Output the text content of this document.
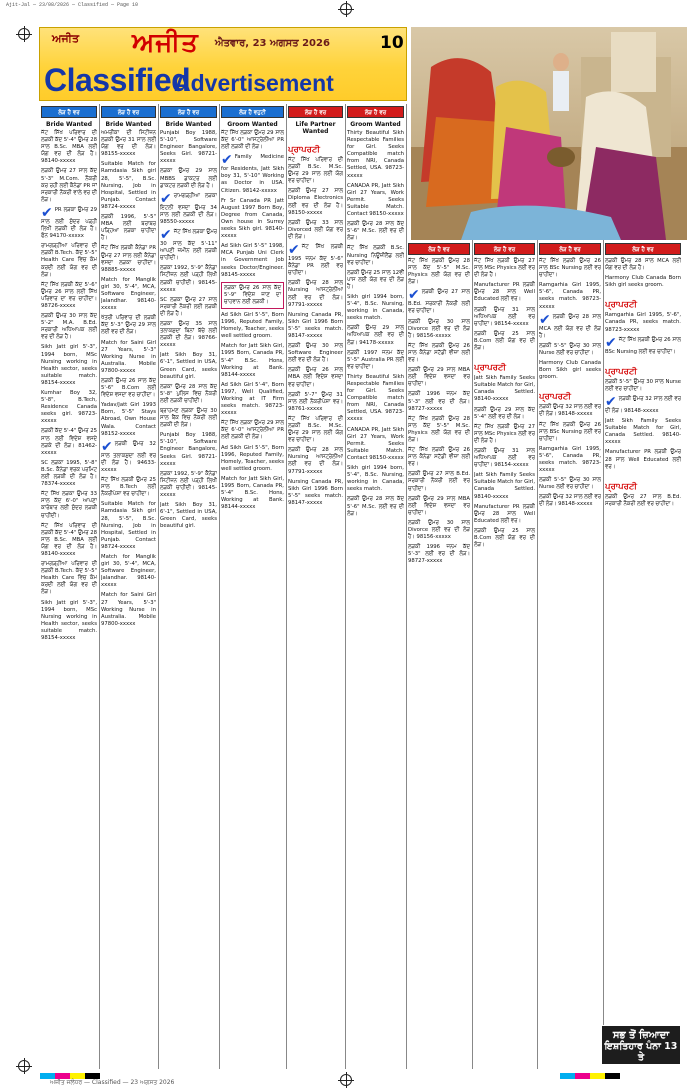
Ajit-Jal — 23/08/2026 — Classified — Page 10
ਅਜੀਤ ਅਜੀਤ ਐਤਵਾਰ, 23 ਅਗਸਤ 2026	10
Classified
Advertisement
ਲੋੜ ਹੈ ਵਰ
Bride Wanted
ਜੱਟ ਸਿੱਖ ਪਰਿਵਾਰ ਦੀ ਲੜਕੀ ਕੱਦ 5'-4" ਉਮਰ 28 ਸਾਲ B.Sc. MBA ਲਈ ਯੋਗ ਵਰ ਦੀ ਲੋੜ ਹੈ। 98140-xxxxx
ਲੜਕੀ ਉਮਰ 27 ਸਾਲ ਕੱਦ 5'-3" M.Com. ਨੌਕਰੀ ਕਰ ਰਹੀ ਲਈ ਕੈਨੇਡਾ PR ਜਾਂ ਸਰਕਾਰੀ ਨੌਕਰੀ ਵਾਲੇ ਵਰ ਦੀ ਲੋੜ।
✔ PR ਲੜਕਾ ਉਮਰ 29 ਸਾਲ ਲਈ ਸੁੰਦਰ ਪੜ੍ਹੀ ਲਿਖੀ ਲੜਕੀ ਦੀ ਲੋੜ ਹੈ। ਫੋਨ 94170-xxxxx
ਰਾਮਗੜ੍ਹੀਆ ਪਰਿਵਾਰ ਦੀ ਲੜਕੀ B.Tech. ਕੱਦ 5'-5" Health Care ਵਿਚ ਕੰਮ ਕਰਦੀ ਲਈ ਯੋਗ ਵਰ ਦੀ ਲੋੜ।
ਜੱਟ ਸਿੱਖ ਲੜਕੀ ਕੱਦ 5'-6" ਉਮਰ 26 ਸਾਲ ਲਈ ਸਿੱਖ ਪਰਿਵਾਰ ਦਾ ਵਰ ਚਾਹੀਦਾ। 98726-xxxxx
ਲੜਕੀ ਉਮਰ 30 ਸਾਲ ਕੱਦ 5'-2" M.A. B.Ed. ਸਰਕਾਰੀ ਅਧਿਆਪਕ ਲਈ ਵਰ ਦੀ ਲੋੜ ਹੈ।
Sikh Jatt girl 5'-3", 1994 born, MSc Nursing working in Health sector, seeks suitable match. 98154-xxxxx
Kumhar Boy 32, 5'-8", B.Tech, Residence Canada seeks girl. 98723-xxxxx
ਲੜਕੀ ਕੱਦ 5'-4" ਉਮਰ 25 ਸਾਲ ਲਈ ਵਿਦੇਸ਼ ਵਸਦੇ ਲੜਕੇ ਦੀ ਲੋੜ। 81462-xxxxx
SC ਲੜਕਾ 1995, 5'-8" B.Sc. ਕੈਨੇਡਾ ਵਰਕ ਪਰਮਿਟ ਲਈ ਲੜਕੀ ਦੀ ਲੋੜ ਹੈ। 78374-xxxxx
ਜੱਟ ਸਿੱਖ ਲੜਕਾ ਉਮਰ 33 ਸਾਲ ਕੱਦ 6'-0" ਆਪਣਾ ਕਾਰੋਬਾਰ ਲਈ ਸੁੰਦਰ ਲੜਕੀ ਚਾਹੀਦੀ।
ਜੱਟ ਸਿੱਖ ਪਰਿਵਾਰ ਦੀ ਲੜਕੀ ਕੱਦ 5'-4" ਉਮਰ 28 ਸਾਲ B.Sc. MBA ਲਈ ਯੋਗ ਵਰ ਦੀ ਲੋੜ ਹੈ। 98140-xxxxx
ਰਾਮਗੜ੍ਹੀਆ ਪਰਿਵਾਰ ਦੀ ਲੜਕੀ B.Tech. ਕੱਦ 5'-5" Health Care ਵਿਚ ਕੰਮ ਕਰਦੀ ਲਈ ਯੋਗ ਵਰ ਦੀ ਲੋੜ।
Sikh Jatt girl 5'-3", 1994 born, MSc Nursing working in Health sector, seeks suitable match. 98154-xxxxx
ਲੋੜ ਹੈ ਵਰ
Bride Wanted
ਅਮਰੀਕਾ ਦੀ ਸਿਟੀਜ਼ਨ ਲੜਕੀ ਉਮਰ 31 ਸਾਲ ਲਈ ਯੋਗ ਵਰ ਦੀ ਲੋੜ। 98155-xxxxx
Suitable Match for Ramdasia Sikh girl 28, 5'-5", B.Sc. Nursing, Job in Hospital, Settled in Punjab. Contact 98724-xxxxx
ਲੜਕੀ 1996, 5'-5" MBA ਲਈ ਬਰਾਬਰ ਪੜ੍ਹਿਆ ਲੜਕਾ ਚਾਹੀਦਾ ਹੈ।
ਜੱਟ ਸਿੱਖ ਲੜਕੀ ਕੈਨੇਡਾ PR ਉਮਰ 27 ਸਾਲ ਲਈ ਕੈਨੇਡਾ ਵਸਦਾ ਲੜਕਾ ਚਾਹੀਦਾ। 98885-xxxxx
Match for Manglik girl 30, 5'-4", MCA, Software Engineer, Jalandhar. 98140-xxxxx
ਖੱਤਰੀ ਪਰਿਵਾਰ ਦੀ ਲੜਕੀ ਕੱਦ 5'-3" ਉਮਰ 29 ਸਾਲ ਲਈ ਵਰ ਦੀ ਲੋੜ।
Match for Saini Girl 27 Years, 5'-3" Working Nurse in Australia. Mobile 97800-xxxxx
ਲੜਕੀ ਉਮਰ 26 ਸਾਲ ਕੱਦ 5'-6" B.Com ਲਈ ਵਿਦੇਸ਼ ਵਸਦਾ ਵਰ ਚਾਹੀਦਾ।
Yadav/Jatt Girl 1993 Born, 5'-5" Stays Abroad, Own House Wala. Contact 98152-xxxxx
✔ ਲੜਕੀ ਉਮਰ 32 ਸਾਲ ਤਲਾਕਸ਼ੁਦਾ ਲਈ ਵਰ ਦੀ ਲੋੜ ਹੈ। 94633-xxxxx
ਜੱਟ ਸਿੱਖ ਲੜਕੀ ਉਮਰ 25 ਸਾਲ B.Tech ਲਈ ਨੌਕਰੀਪੇਸ਼ਾ ਵਰ ਚਾਹੀਦਾ।
Suitable Match for Ramdasia Sikh girl 28, 5'-5", B.Sc. Nursing, Job in Hospital, Settled in Punjab. Contact 98724-xxxxx
Match for Manglik girl 30, 5'-4", MCA, Software Engineer, Jalandhar. 98140-xxxxx
Match for Saini Girl 27 Years, 5'-3" Working Nurse in Australia. Mobile 97800-xxxxx
ਲੋੜ ਹੈ ਵਰ
Bride Wanted
Punjabi Boy 1988, 5'-10", Software Engineer Bangalore, Seeks Girl. 98721-xxxxx
ਲੜਕਾ ਉਮਰ 29 ਸਾਲ MBBS ਡਾਕਟਰ ਲਈ ਡਾਕਟਰ ਲੜਕੀ ਦੀ ਲੋੜ ਹੈ।
✔ ਰਾਮਗੜ੍ਹੀਆ ਲੜਕਾ ਇਟਲੀ ਵਸਦਾ ਉਮਰ 34 ਸਾਲ ਲਈ ਲੜਕੀ ਦੀ ਲੋੜ। 98550-xxxxx
✔ ਜੱਟ ਸਿੱਖ ਲੜਕਾ ਉਮਰ 30 ਸਾਲ ਕੱਦ 5'-11" ਆਪਣੀ ਜ਼ਮੀਨ ਲਈ ਲੜਕੀ ਚਾਹੀਦੀ।
ਲੜਕਾ 1992, 5'-9" ਕੈਨੇਡਾ ਸਿਟੀਜ਼ਨ ਲਈ ਪੜ੍ਹੀ ਲਿਖੀ ਲੜਕੀ ਚਾਹੀਦੀ। 98145-xxxxx
SC ਲੜਕਾ ਉਮਰ 27 ਸਾਲ ਸਰਕਾਰੀ ਨੌਕਰੀ ਲਈ ਲੜਕੀ ਦੀ ਲੋੜ ਹੈ।
ਲੜਕਾ ਉਮਰ 35 ਸਾਲ ਤਲਾਕਸ਼ੁਦਾ ਬਿਨਾਂ ਬੱਚੇ ਲਈ ਲੜਕੀ ਦੀ ਲੋੜ। 98766-xxxxx
Jatt Sikh Boy 31, 6'-1", Settled in USA, Green Card, seeks beautiful girl.
ਲੜਕਾ ਉਮਰ 28 ਸਾਲ ਕੱਦ 5'-8" ਪੁਲਿਸ ਵਿਚ ਨੌਕਰੀ ਲਈ ਲੜਕੀ ਚਾਹੀਦੀ।
ਬ੍ਰਾਹਮਣ ਲੜਕਾ ਉਮਰ 30 ਸਾਲ ਬੈਂਕ ਵਿਚ ਨੌਕਰੀ ਲਈ ਲੜਕੀ ਦੀ ਲੋੜ।
Punjabi Boy 1988, 5'-10", Software Engineer Bangalore, Seeks Girl. 98721-xxxxx
ਲੜਕਾ 1992, 5'-9" ਕੈਨੇਡਾ ਸਿਟੀਜ਼ਨ ਲਈ ਪੜ੍ਹੀ ਲਿਖੀ ਲੜਕੀ ਚਾਹੀਦੀ। 98145-xxxxx
Jatt Sikh Boy 31, 6'-1", Settled in USA, Green Card, seeks beautiful girl.
ਲੋੜ ਹੈ ਵਹੁਟੀ
Groom Wanted
ਜੱਟ ਸਿੱਖ ਲੜਕਾ ਉਮਰ 29 ਸਾਲ ਕੱਦ 6'-0" ਆਸਟ੍ਰੇਲੀਆ PR ਲਈ ਲੜਕੀ ਦੀ ਲੋੜ।
✔ Family Medicine for Residents, Jatt Sikh boy 31, 5'-10" Working as Doctor in USA. Citizen. 98142-xxxxx
Fr Sr Canada PR Jatt August 1997 Born Boy, Degree from Canada, Own house in Surrey seeks Sikh girl. 98140-xxxxx
Ad Sikh Girl 5'-5" 1998, MCA Punjab Uni Clerk in Government Job seeks Doctor/Engineer. 98145-xxxxx
ਲੜਕਾ ਉਮਰ 26 ਸਾਲ ਕੱਦ 5'-9" ਵਿਦੇਸ਼ ਜਾਣ ਦਾ ਚਾਹਵਾਨ ਲਈ ਲੜਕੀ।
Ad Sikh Girl 5'-5", Born 1996, Reputed Family, Homely, Teacher, seeks well settled groom.
Match for Jatt Sikh Girl, 1995 Born, Canada PR, 5'-4" B.Sc. Hons, Working at Bank. 98144-xxxxx
Ad Sikh Girl 5'-4", Born 1997, Well Qualified, Working at IT Firm seeks match. 98723-xxxxx
ਜੱਟ ਸਿੱਖ ਲੜਕਾ ਉਮਰ 29 ਸਾਲ ਕੱਦ 6'-0" ਆਸਟ੍ਰੇਲੀਆ PR ਲਈ ਲੜਕੀ ਦੀ ਲੋੜ।
Ad Sikh Girl 5'-5", Born 1996, Reputed Family, Homely, Teacher, seeks well settled groom.
Match for Jatt Sikh Girl, 1995 Born, Canada PR, 5'-4" B.Sc. Hons, Working at Bank. 98144-xxxxx
ਲੋੜ ਹੈ ਵਰ
Life Partner Wanted
ਪ੍ਰਾਪਰਟੀ
ਜੱਟ ਸਿੱਖ ਪਰਿਵਾਰ ਦੀ ਲੜਕੀ B.Sc. M.Sc. ਉਮਰ 29 ਸਾਲ ਲਈ ਯੋਗ ਵਰ ਚਾਹੀਦਾ।
ਲੜਕੀ ਉਮਰ 27 ਸਾਲ Diploma Electronics ਲਈ ਵਰ ਦੀ ਲੋੜ ਹੈ। 98150-xxxxx
ਲੜਕੀ ਉਮਰ 33 ਸਾਲ Divorced ਲਈ ਯੋਗ ਵਰ ਦੀ ਲੋੜ।
✔ ਜੱਟ ਸਿੱਖ ਲੜਕੀ 1995 ਜਨਮ ਕੱਦ 5'-6" ਕੈਨੇਡਾ PR ਲਈ ਵਰ ਚਾਹੀਦਾ।
ਲੜਕੀ ਉਮਰ 28 ਸਾਲ Nursing ਆਸਟ੍ਰੇਲੀਆ ਲਈ ਵਰ ਦੀ ਲੋੜ। 97791-xxxxx
Nursing Canada PR, Sikh Girl 1996 Born 5'-5" seeks match. 98147-xxxxx
ਲੜਕੀ ਉਮਰ 30 ਸਾਲ Software Engineer ਲਈ ਵਰ ਦੀ ਲੋੜ ਹੈ।
ਲੜਕੀ ਉਮਰ 26 ਸਾਲ MBA ਲਈ ਵਿਦੇਸ਼ ਵਸਦਾ ਵਰ ਚਾਹੀਦਾ।
ਲੜਕੀ 5'-7" ਉਮਰ 31 ਸਾਲ ਲਈ ਨੌਕਰੀਪੇਸ਼ਾ ਵਰ। 98761-xxxxx
ਜੱਟ ਸਿੱਖ ਪਰਿਵਾਰ ਦੀ ਲੜਕੀ B.Sc. M.Sc. ਉਮਰ 29 ਸਾਲ ਲਈ ਯੋਗ ਵਰ ਚਾਹੀਦਾ।
ਲੜਕੀ ਉਮਰ 28 ਸਾਲ Nursing ਆਸਟ੍ਰੇਲੀਆ ਲਈ ਵਰ ਦੀ ਲੋੜ। 97791-xxxxx
Nursing Canada PR, Sikh Girl 1996 Born 5'-5" seeks match. 98147-xxxxx
ਲੋੜ ਹੈ ਵਰ
Groom Wanted
Thirty Beautiful Sikh Respectable Families for Girl. Seeks Compatible match from NRI, Canada Settled, USA. 98723-xxxxx
CANADA PR, Jatt Sikh Girl 27 Years, Work Permit. Seeks Suitable Match. Contact 98150-xxxxx
ਲੜਕੀ ਉਮਰ 28 ਸਾਲ ਕੱਦ 5'-6" M.Sc. ਲਈ ਵਰ ਦੀ ਲੋੜ।
ਜੱਟ ਸਿੱਖ ਲੜਕੀ B.Sc. Nursing ਨਿਊਜ਼ੀਲੈਂਡ ਲਈ ਵਰ ਚਾਹੀਦਾ।
ਲੜਕੀ ਉਮਰ 25 ਸਾਲ 12ਵੀਂ ਪਾਸ ਲਈ ਯੋਗ ਵਰ ਦੀ ਲੋੜ ਹੈ।
Sikh girl 1994 born, 5'-4", B.Sc. Nursing, working in Canada, seeks match.
ਲੜਕੀ ਉਮਰ 29 ਸਾਲ ਅਧਿਆਪਕ ਲਈ ਵਰ ਦੀ ਲੋੜ। 94178-xxxxx
ਲੜਕੀ 1997 ਜਨਮ ਕੱਦ 5'-5" Australia PR ਲਈ ਵਰ ਚਾਹੀਦਾ।
Thirty Beautiful Sikh Respectable Families for Girl. Seeks Compatible match from NRI, Canada Settled, USA. 98723-xxxxx
CANADA PR, Jatt Sikh Girl 27 Years, Work Permit. Seeks Suitable Match. Contact 98150-xxxxx
Sikh girl 1994 born, 5'-4", B.Sc. Nursing, working in Canada, seeks match.
ਲੜਕੀ ਉਮਰ 28 ਸਾਲ ਕੱਦ 5'-6" M.Sc. ਲਈ ਵਰ ਦੀ ਲੋੜ।
ਲੋੜ ਹੈ ਵਰ
ਜੱਟ ਸਿੱਖ ਲੜਕੀ ਉਮਰ 28 ਸਾਲ ਕੱਦ 5'-5" M.Sc. Physics ਲਈ ਯੋਗ ਵਰ ਦੀ ਲੋੜ।
✔ ਲੜਕੀ ਉਮਰ 27 ਸਾਲ B.Ed. ਸਰਕਾਰੀ ਨੌਕਰੀ ਲਈ ਵਰ ਚਾਹੀਦਾ।
ਲੜਕੀ ਉਮਰ 30 ਸਾਲ Divorce ਲਈ ਵਰ ਦੀ ਲੋੜ ਹੈ। 98156-xxxxx
ਜੱਟ ਸਿੱਖ ਲੜਕੀ ਉਮਰ 26 ਸਾਲ ਕੈਨੇਡਾ ਸਟੱਡੀ ਵੀਜ਼ਾ ਲਈ ਵਰ।
ਲੜਕੀ ਉਮਰ 29 ਸਾਲ MBA ਲਈ ਵਿਦੇਸ਼ ਵਸਦਾ ਵਰ ਚਾਹੀਦਾ।
ਲੜਕੀ 1996 ਜਨਮ ਕੱਦ 5'-3" ਲਈ ਵਰ ਦੀ ਲੋੜ। 98727-xxxxx
ਜੱਟ ਸਿੱਖ ਲੜਕੀ ਉਮਰ 28 ਸਾਲ ਕੱਦ 5'-5" M.Sc. Physics ਲਈ ਯੋਗ ਵਰ ਦੀ ਲੋੜ।
ਜੱਟ ਸਿੱਖ ਲੜਕੀ ਉਮਰ 26 ਸਾਲ ਕੈਨੇਡਾ ਸਟੱਡੀ ਵੀਜ਼ਾ ਲਈ ਵਰ।
ਲੜਕੀ ਉਮਰ 27 ਸਾਲ B.Ed. ਸਰਕਾਰੀ ਨੌਕਰੀ ਲਈ ਵਰ ਚਾਹੀਦਾ।
ਲੜਕੀ ਉਮਰ 29 ਸਾਲ MBA ਲਈ ਵਿਦੇਸ਼ ਵਸਦਾ ਵਰ ਚਾਹੀਦਾ।
ਲੜਕੀ ਉਮਰ 30 ਸਾਲ Divorce ਲਈ ਵਰ ਦੀ ਲੋੜ ਹੈ। 98156-xxxxx
ਲੜਕੀ 1996 ਜਨਮ ਕੱਦ 5'-3" ਲਈ ਵਰ ਦੀ ਲੋੜ। 98727-xxxxx
ਲੋੜ ਹੈ ਵਰ
ਜੱਟ ਸਿੱਖ ਲੜਕੀ ਉਮਰ 27 ਸਾਲ MSc Physics ਲਈ ਵਰ ਦੀ ਲੋੜ ਹੈ।
Manufacturer PR ਲੜਕੀ ਉਮਰ 28 ਸਾਲ Well Educated ਲਈ ਵਰ।
ਲੜਕੀ ਉਮਰ 31 ਸਾਲ ਅਧਿਆਪਕ ਲਈ ਵਰ ਚਾਹੀਦਾ। 98154-xxxxx
ਲੜਕੀ ਉਮਰ 25 ਸਾਲ B.Com ਲਈ ਯੋਗ ਵਰ ਦੀ ਲੋੜ।
ਪ੍ਰਾਪਰਟੀ
Jatt Sikh Family Seeks Suitable Match for Girl, Canada Settled. 98140-xxxxx
ਲੜਕੀ ਉਮਰ 29 ਸਾਲ ਕੱਦ 5'-4" ਲਈ ਵਰ ਦੀ ਲੋੜ।
ਜੱਟ ਸਿੱਖ ਲੜਕੀ ਉਮਰ 27 ਸਾਲ MSc Physics ਲਈ ਵਰ ਦੀ ਲੋੜ ਹੈ।
ਲੜਕੀ ਉਮਰ 31 ਸਾਲ ਅਧਿਆਪਕ ਲਈ ਵਰ ਚਾਹੀਦਾ। 98154-xxxxx
Jatt Sikh Family Seeks Suitable Match for Girl, Canada Settled. 98140-xxxxx
Manufacturer PR ਲੜਕੀ ਉਮਰ 28 ਸਾਲ Well Educated ਲਈ ਵਰ।
ਲੜਕੀ ਉਮਰ 25 ਸਾਲ B.Com ਲਈ ਯੋਗ ਵਰ ਦੀ ਲੋੜ।
ਲੋੜ ਹੈ ਵਰ
ਜੱਟ ਸਿੱਖ ਲੜਕੀ ਉਮਰ 26 ਸਾਲ BSc Nursing ਲਈ ਵਰ ਚਾਹੀਦਾ।
Ramgarhia Girl 1995, 5'-6", Canada PR, seeks match. 98723-xxxxx
✔ ਲੜਕੀ ਉਮਰ 28 ਸਾਲ MCA ਲਈ ਯੋਗ ਵਰ ਦੀ ਲੋੜ ਹੈ।
ਲੜਕੀ 5'-5" ਉਮਰ 30 ਸਾਲ Nurse ਲਈ ਵਰ ਚਾਹੀਦਾ।
Harmony Club Canada Born Sikh girl seeks groom.
ਪ੍ਰਾਪਰਟੀ
ਲੜਕੀ ਉਮਰ 32 ਸਾਲ ਲਈ ਵਰ ਦੀ ਲੋੜ। 98148-xxxxx
ਜੱਟ ਸਿੱਖ ਲੜਕੀ ਉਮਰ 26 ਸਾਲ BSc Nursing ਲਈ ਵਰ ਚਾਹੀਦਾ।
Ramgarhia Girl 1995, 5'-6", Canada PR, seeks match. 98723-xxxxx
ਲੜਕੀ 5'-5" ਉਮਰ 30 ਸਾਲ Nurse ਲਈ ਵਰ ਚਾਹੀਦਾ।
ਲੜਕੀ ਉਮਰ 32 ਸਾਲ ਲਈ ਵਰ ਦੀ ਲੋੜ। 98148-xxxxx
ਲੋੜ ਹੈ ਵਰ
ਲੜਕੀ ਉਮਰ 28 ਸਾਲ MCA ਲਈ ਯੋਗ ਵਰ ਦੀ ਲੋੜ ਹੈ।
Harmony Club Canada Born Sikh girl seeks groom.
ਪ੍ਰਾਪਰਟੀ
Ramgarhia Girl 1995, 5'-6", Canada PR, seeks match. 98723-xxxxx
✔ ਜੱਟ ਸਿੱਖ ਲੜਕੀ ਉਮਰ 26 ਸਾਲ BSc Nursing ਲਈ ਵਰ ਚਾਹੀਦਾ।
ਪ੍ਰਾਪਰਟੀ
ਲੜਕੀ 5'-5" ਉਮਰ 30 ਸਾਲ Nurse ਲਈ ਵਰ ਚਾਹੀਦਾ।
✔ ਲੜਕੀ ਉਮਰ 32 ਸਾਲ ਲਈ ਵਰ ਦੀ ਲੋੜ। 98148-xxxxx
Jatt Sikh Family Seeks Suitable Match for Girl, Canada Settled. 98140-xxxxx
Manufacturer PR ਲੜਕੀ ਉਮਰ 28 ਸਾਲ Well Educated ਲਈ ਵਰ।
ਪ੍ਰਾਪਰਟੀ
ਲੜਕੀ ਉਮਰ 27 ਸਾਲ B.Ed. ਸਰਕਾਰੀ ਨੌਕਰੀ ਲਈ ਵਰ ਚਾਹੀਦਾ।
ਸਭ ਤੋਂ ਜ਼ਿਆਦਾ
ਇਸ਼ਤਿਹਾਰ ਪੰਨਾ 13 ਤੇ
ਅਜੀਤ ਜਲੰਧਰ — Classified — 23 ਅਗਸਤ 2026
